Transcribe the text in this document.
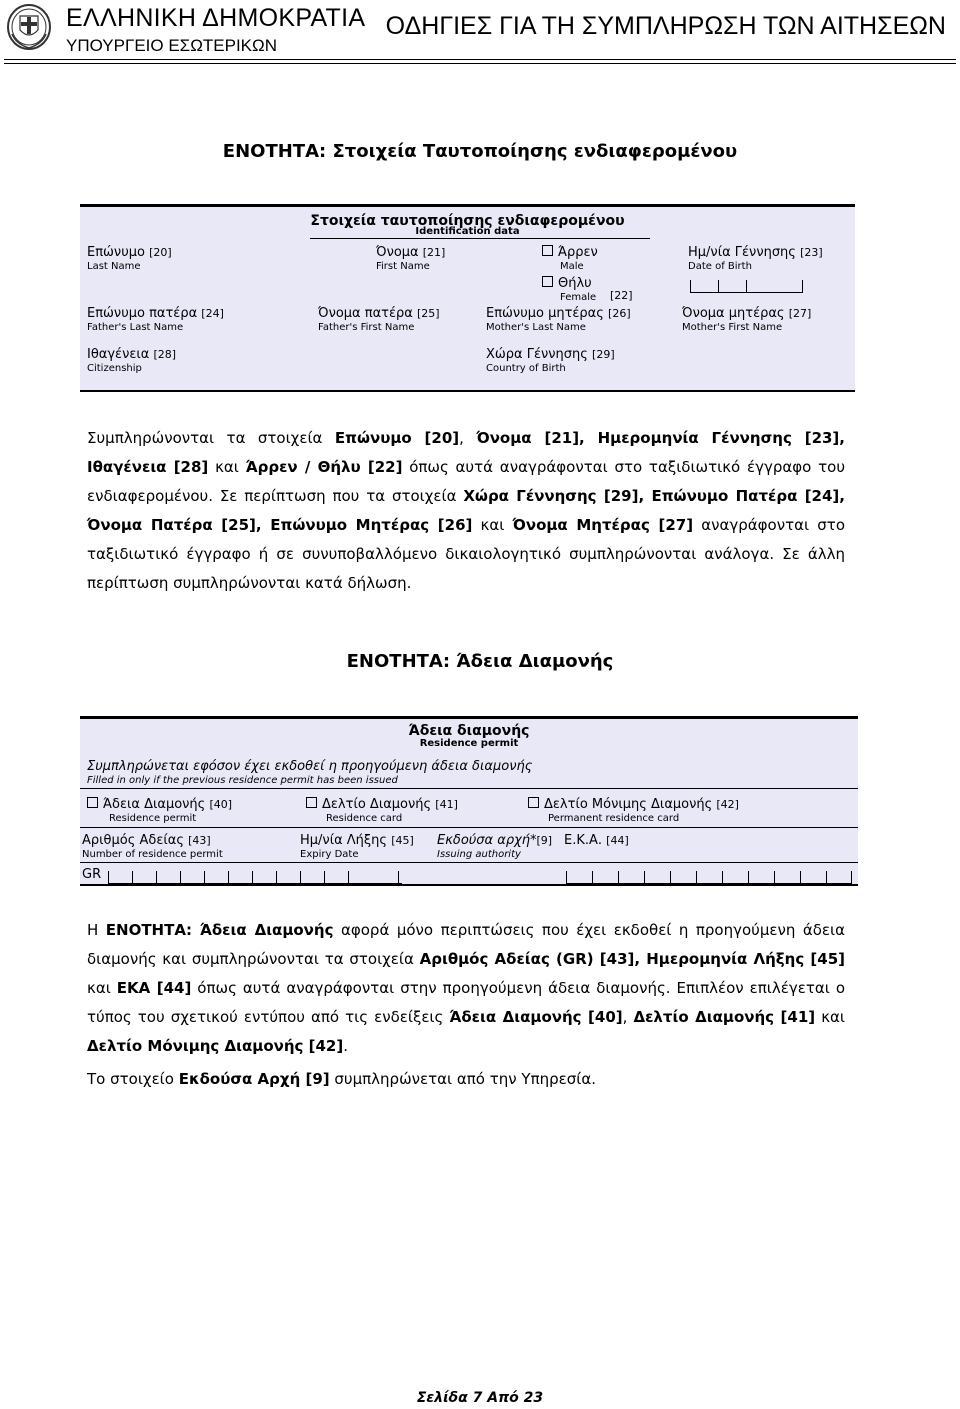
ΕΛΛΗΝΙΚΗ ΔΗΜΟΚΡΑΤΙΑ
ΥΠΟΥΡΓΕΙΟ ΕΣΩΤΕΡΙΚΩΝ
ΟΔΗΓΙΕΣ ΓΙΑ ΤΗ ΣΥΜΠΛΗΡΩΣΗ ΤΩΝ ΑΙΤΗΣΕΩΝ
ΕΝΟΤΗΤΑ: Στοιχεία Ταυτοποίησης ενδιαφερομένου
Στοιχεία ταυτοποίησης ενδιαφερομένου
Identification data
Επώνυμο [20]
Last Name
Όνομα [21]
First Name
Άρρεν
Male
Θήλυ
Female [22]
Ημ/νία Γέννησης [23]
Date of Birth
Επώνυμο πατέρα [24]
Father's Last Name
Όνομα πατέρα [25]
Father's First Name
Επώνυμο μητέρας [26]
Mother's Last Name
Όνομα μητέρας [27]
Mother's First Name
Ιθαγένεια [28]
Citizenship
Χώρα Γέννησης [29]
Country of Birth
Συμπληρώνονται τα στοιχεία Επώνυμο [20], Όνομα [21], Ημερομηνία Γέννησης [23], Ιθαγένεια [28] και Άρρεν / Θήλυ [22] όπως αυτά αναγράφονται στο ταξιδιωτικό έγγραφο του ενδιαφερομένου. Σε περίπτωση που τα στοιχεία Χώρα Γέννησης [29], Επώνυμο Πατέρα [24], Όνομα Πατέρα [25], Επώνυμο Μητέρας [26] και Όνομα Μητέρας [27] αναγράφονται στο ταξιδιωτικό έγγραφο ή σε συνυποβαλλόμενο δικαιολογητικό συμπληρώνονται ανάλογα. Σε άλλη περίπτωση συμπληρώνονται κατά δήλωση.
ΕΝΟΤΗΤΑ: Άδεια Διαμονής
Άδεια διαμονής
Residence permit
Συμπληρώνεται εφόσον έχει εκδοθεί η προηγούμενη άδεια διαμονής
Filled in only if the previous residence permit has been issued
Άδεια Διαμονής [40]
Residence permit
Δελτίο Διαμονής [41]
Residence card
Δελτίο Μόνιμης Διαμονής [42]
Permanent residence card
Αριθμός Αδείας [43]
Number of residence permit
Ημ/νία Λήξης [45]
Expiry Date
Εκδούσα αρχή*[9]
Issuing authority
Ε.Κ.Α. [44]
GR
Η ΕΝΟΤΗΤΑ: Άδεια Διαμονής αφορά μόνο περιπτώσεις που έχει εκδοθεί η προηγούμενη άδεια διαμονής και συμπληρώνονται τα στοιχεία Αριθμός Αδείας (GR) [43], Ημερομηνία Λήξης [45] και ΕΚΑ [44] όπως αυτά αναγράφονται στην προηγούμενη άδεια διαμονής. Επιπλέον επιλέγεται ο τύπος του σχετικού εντύπου από τις ενδείξεις Άδεια Διαμονής [40], Δελτίο Διαμονής [41] και Δελτίο Μόνιμης Διαμονής [42].
Το στοιχείο Εκδούσα Αρχή [9] συμπληρώνεται από την Υπηρεσία.
Σελίδα 7 Από 23
